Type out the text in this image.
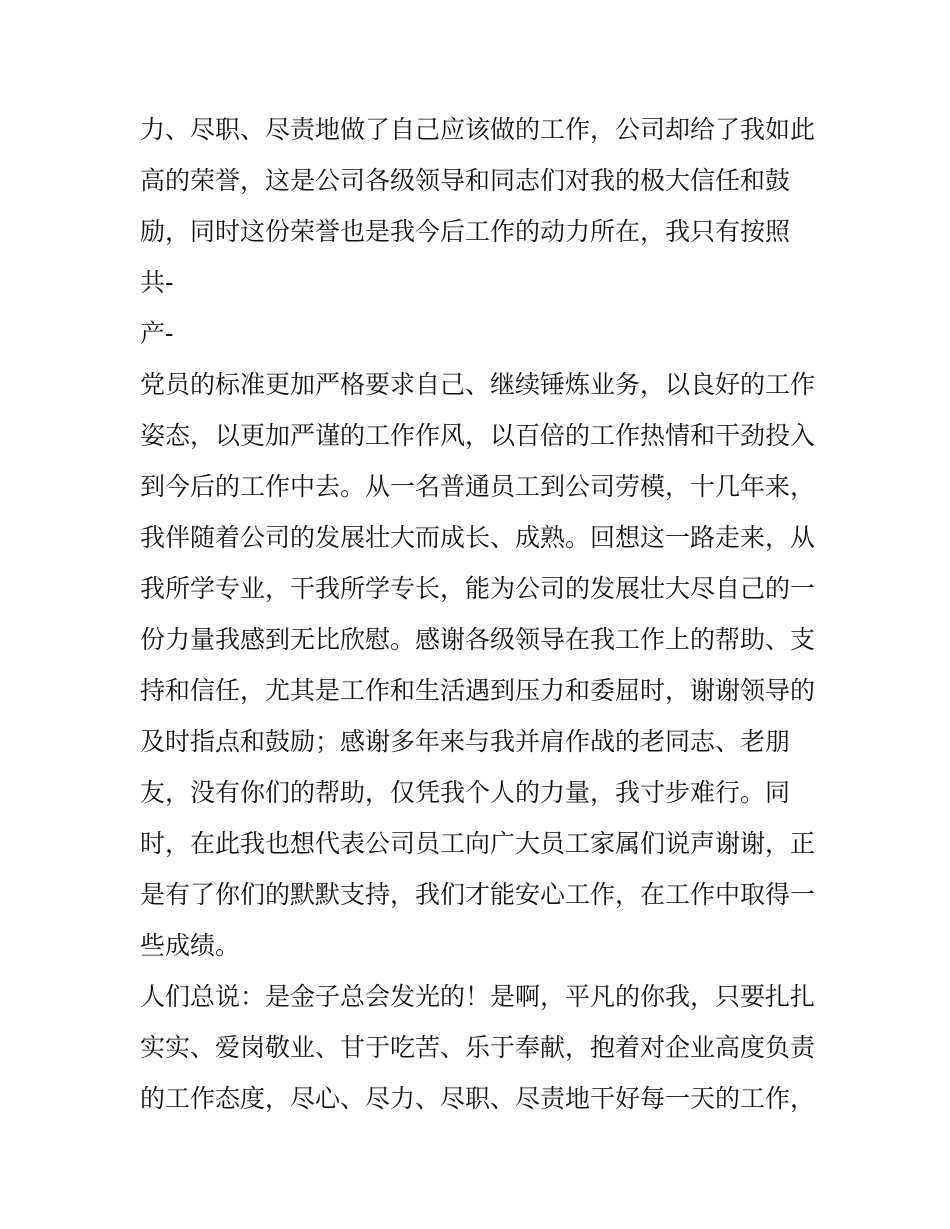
力、尽职、尽责地做了自己应该做的工作，公司却给了我如此
高的荣誉，这是公司各级领导和同志们对我的极大信任和鼓
励，同时这份荣誉也是我今后工作的动力所在，我只有按照
共-
产-
党员的标准更加严格要求自己、继续锤炼业务，以良好的工作
姿态，以更加严谨的工作作风，以百倍的工作热情和干劲投入
到今后的工作中去。从一名普通员工到公司劳模，十几年来，
我伴随着公司的发展壮大而成长、成熟。回想这一路走来，从
我所学专业，干我所学专长，能为公司的发展壮大尽自己的一
份力量我感到无比欣慰。感谢各级领导在我工作上的帮助、支
持和信任，尤其是工作和生活遇到压力和委屈时，谢谢领导的
及时指点和鼓励；感谢多年来与我并肩作战的老同志、老朋
友，没有你们的帮助，仅凭我个人的力量，我寸步难行。同
时，在此我也想代表公司员工向广大员工家属们说声谢谢，正
是有了你们的默默支持，我们才能安心工作，在工作中取得一
些成绩。
人们总说：是金子总会发光的！是啊，平凡的你我，只要扎扎
实实、爱岗敬业、甘于吃苦、乐于奉献，抱着对企业高度负责
的工作态度，尽心、尽力、尽职、尽责地干好每一天的工作，
